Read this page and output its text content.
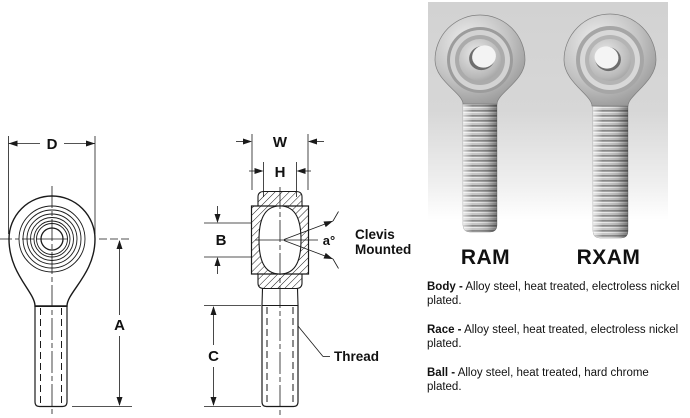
D
A
W
H
B	a° Clevis
Mounted
C	Thread
RAM	RXAM

Body - Alloy steel, heat treated, electroless nickel plated.

Race - Alloy steel, heat treated, electroless nickel plated.

Ball - Alloy steel, heat treated, hard chrome plated.
